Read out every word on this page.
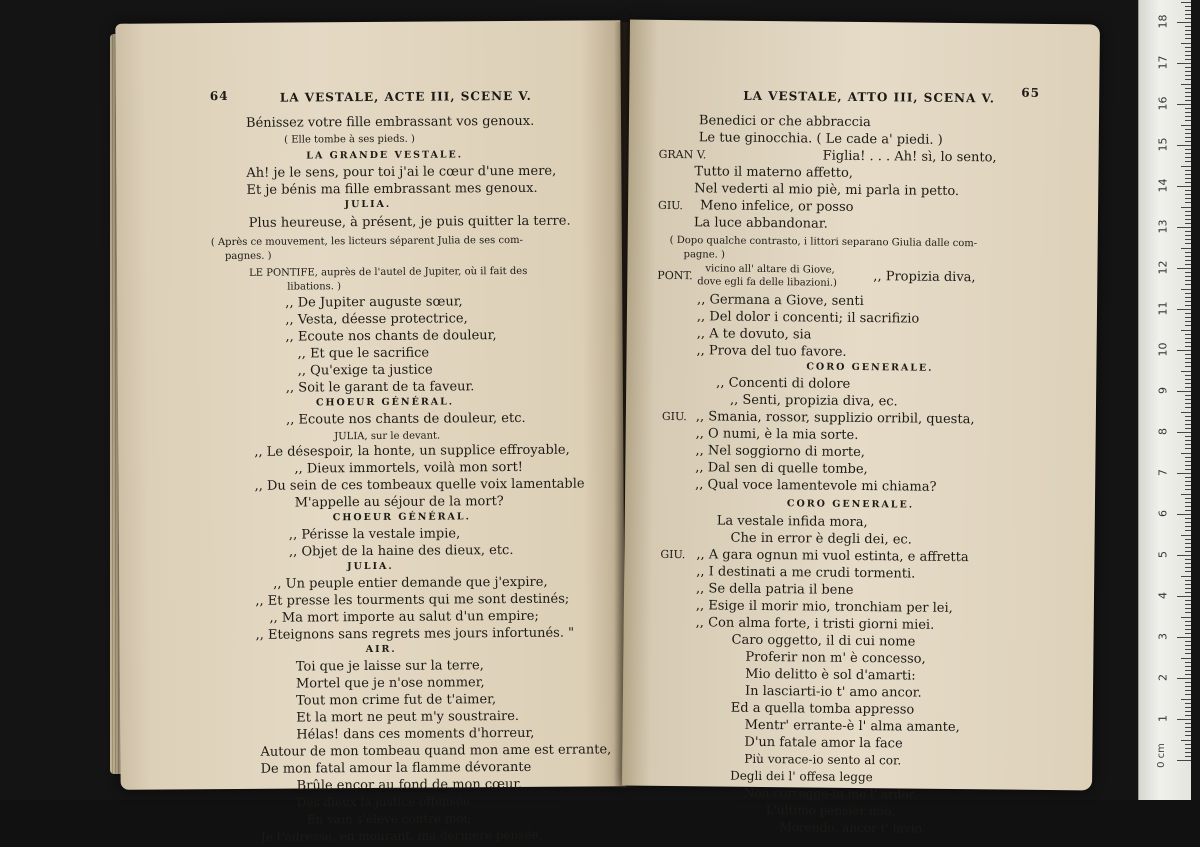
64	LA VESTALE, ACTE III, SCENE V.
Bénissez votre fille embrassant vos genoux.
( Elle tombe à ses pieds. )
LA GRANDE VESTALE.
Ah! je le sens, pour toi j'ai le cœur d'une mere,
Et je bénis ma fille embrassant mes genoux.
JULIA.
Plus heureuse, à présent, je puis quitter la terre.
( Après ce mouvement, les licteurs séparent Julia de ses com-
pagnes. )
LE PONTIFE, auprès de l'autel de Jupiter, où il fait des
libations. )
,, De Jupiter auguste sœur,
,, Vesta, déesse protectrice,
,, Ecoute nos chants de douleur,
,, Et que le sacrifice
,, Qu'exige ta justice
,, Soit le garant de ta faveur.
CHOEUR GÉNÉRAL.
,, Ecoute nos chants de douleur, etc.
JULIA, sur le devant.
,, Le désespoir, la honte, un supplice effroyable,
,, Dieux immortels, voilà mon sort!
,, Du sein de ces tombeaux quelle voix lamentable
M'appelle au séjour de la mort?
CHOEUR GÉNÉRAL.
,, Périsse la vestale impie,
,, Objet de la haine des dieux, etc.
JULIA.
,, Un peuple entier demande que j'expire,
,, Et presse les tourments qui me sont destinés;
,, Ma mort importe au salut d'un empire;
,, Eteignons sans regrets mes jours infortunés. "
AIR.
Toi que je laisse sur la terre,
Mortel que je n'ose nommer,
Tout mon crime fut de t'aimer,
Et la mort ne peut m'y soustraire.
Hélas! dans ces moments d'horreur,
Autour de mon tombeau quand mon ame est errante,
De mon fatal amour la flamme dévorante
Brûle encor au fond de mon cœur.
Des dieux la justice offensée
En vain s'éleve contre moi;
Je t'adresse, en mourant, ma derniere pensée,
LA VESTALE, ATTO III, SCENA V. 65
Benedici or che abbraccia
Le tue ginocchia. ( Le cade a' piedi. )
GRAN V.	Figlia! . . . Ah! sì, lo sento,
Tutto il materno affetto,
Nel vederti al mio piè, mi parla in petto.
GIU. Meno infelice, or posso
La luce abbandonar.
( Dopo qualche contrasto, i littori separano Giulia dalle com-
pagne. )
PONT. vicino all' altare di Giove,
dove egli fa delle libazioni.)	,, Propizia diva,
,, Germana a Giove, senti
,, Del dolor i concenti; il sacrifizio
,, A te dovuto, sia
,, Prova del tuo favore.
CORO GENERALE.
,, Concenti di dolore
,, Senti, propizia diva, ec.
GIU. ,, Smania, rossor, supplizio orribil, questa,
,, O numi, è la mia sorte.
,, Nel soggiorno di morte,
,, Dal sen di quelle tombe,
,, Qual voce lamentevole mi chiama?
CORO GENERALE.
La vestale infida mora,
Che in error è degli dei, ec.
GIU. ,, A gara ognun mi vuol estinta, e affretta
,, I destinati a me crudi tormenti.
,, Se della patria il bene
,, Esige il morir mio, tronchiam per lei,
,, Con alma forte, i tristi giorni miei.
Caro oggetto, il di cui nome
Proferir non m' è concesso,
Mio delitto è sol d'amarti:
In lasciarti-io t' amo ancor.
Ed a quella tomba appresso
Mentr' errante-è l' alma amante,
D'un fatale amor la face
Più vorace-io sento al cor.
Degli dei l' offesa legge
Non corregge-in me l' ardor.
L'ultimo pensier mio,
Morendo, ancor t' invio.
0 cm
1
2
3
4
5
6
7
8
9
10
11
12
13
14
15
16
17
18
